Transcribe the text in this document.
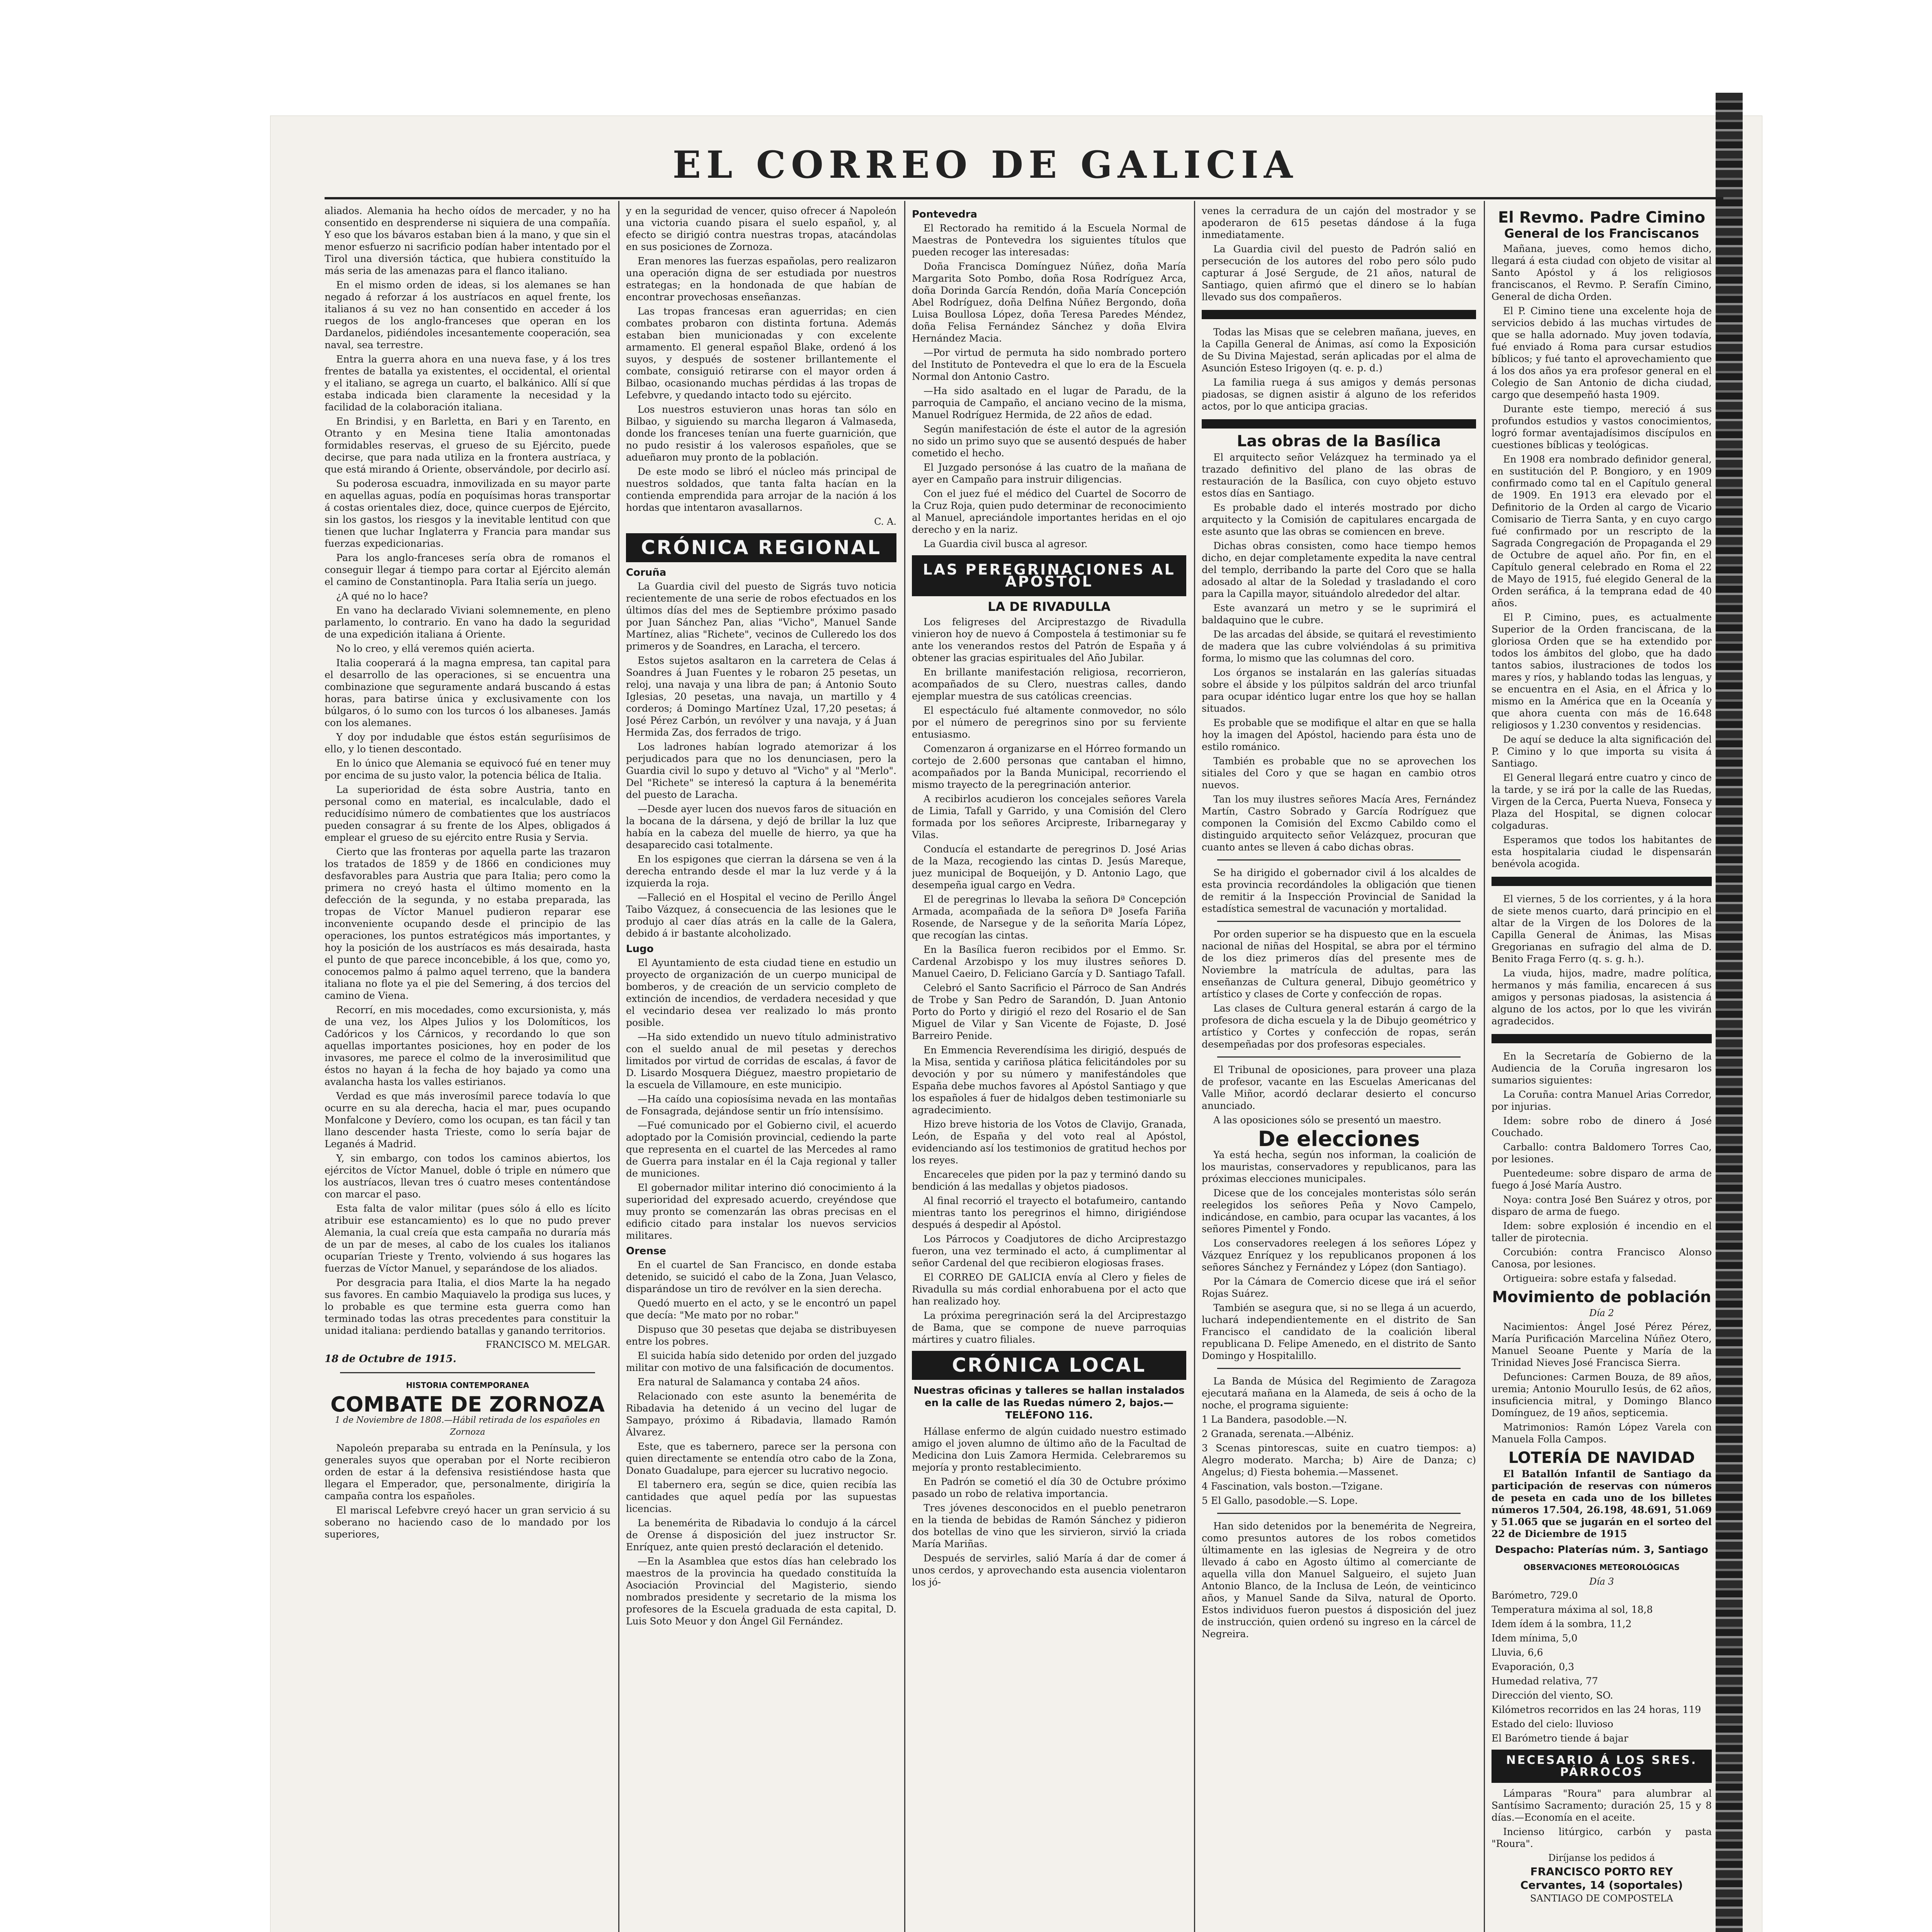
EL CORREO DE GALICIA

aliados. Alemania ha hecho oídos de mercader, y no ha consentido en desprenderse ni siquiera de una compañía. Y eso que los bávaros estaban bien á la mano, y que sin el menor esfuerzo ni sacrificio podían haber intentado por el Tirol una diversión táctica, que hubiera constituído la más seria de las amenazas para el flanco italiano.

En el mismo orden de ideas, si los alemanes se han negado á reforzar á los austríacos en aquel frente, los italianos á su vez no han consentido en acceder á los ruegos de los anglo-franceses que operan en los Dardanelos, pidiéndoles incesantemente cooperación, sea naval, sea terrestre.

Entra la guerra ahora en una nueva fase, y á los tres frentes de batalla ya existentes, el occidental, el oriental y el italiano, se agrega un cuarto, el balkánico. Allí sí que estaba indicada bien claramente la necesidad y la facilidad de la colaboración italiana.

En Brindisi, y en Barletta, en Bari y en Tarento, en Otranto y en Mesina tiene Italia amontonadas formidables reservas, el grueso de su Ejército, puede decirse, que para nada utiliza en la frontera austríaca, y que está mirando á Oriente, observándole, por decirlo así.

Su poderosa escuadra, inmovilizada en su mayor parte en aquellas aguas, podía en poquísimas horas transportar á costas orientales diez, doce, quince cuerpos de Ejército, sin los gastos, los riesgos y la inevitable lentitud con que tienen que luchar Inglaterra y Francia para mandar sus fuerzas expedicionarias.

Para los anglo-franceses sería obra de romanos el conseguir llegar á tiempo para cortar al Ejército alemán el camino de Constantinopla. Para Italia sería un juego.

¿A qué no lo hace?

En vano ha declarado Viviani solemnemente, en pleno parlamento, lo contrario. En vano ha dado la seguridad de una expedición italiana á Oriente.

No lo creo, y ellá veremos quién acierta.

Italia cooperará á la magna empresa, tan capital para el desarrollo de las operaciones, si se encuentra una combinazione que seguramente andará buscando á estas horas, para batirse única y exclusivamente con los búlgaros, ó lo sumo con los turcos ó los albaneses. Jamás con los alemanes.

Y doy por indudable que éstos están seguríisimos de ello, y lo tienen descontado.

En lo único que Alemania se equivocó fué en tener muy por encima de su justo valor, la potencia bélica de Italia.

La superioridad de ésta sobre Austria, tanto en personal como en material, es incalculable, dado el reducidísimo número de combatientes que los austríacos pueden consagrar á su frente de los Alpes, obligados á emplear el grueso de su ejército entre Rusia y Servia.

Cierto que las fronteras por aquella parte las trazaron los tratados de 1859 y de 1866 en condiciones muy desfavorables para Austria que para Italia; pero como la primera no creyó hasta el último momento en la defección de la segunda, y no estaba preparada, las tropas de Víctor Manuel pudieron reparar ese inconveniente ocupando desde el principio de las operaciones, los puntos estratégicos más importantes, y hoy la posición de los austríacos es más desairada, hasta el punto de que parece inconcebible, á los que, como yo, conocemos palmo á palmo aquel terreno, que la bandera italiana no flote ya el pie del Semering, á dos tercios del camino de Viena.

Recorrí, en mis mocedades, como excursionista, y, más de una vez, los Alpes Julios y los Dolomíticos, los Cadóricos y los Cárnicos, y recordando lo que son aquellas importantes posiciones, hoy en poder de los invasores, me parece el colmo de la inverosimilitud que éstos no hayan á la fecha de hoy bajado ya como una avalancha hasta los valles estirianos.

Verdad es que más inverosímil parece todavía lo que ocurre en su ala derecha, hacia el mar, pues ocupando Monfalcone y Devíero, como los ocupan, es tan fácil y tan llano descender hasta Trieste, como lo sería bajar de Leganés á Madrid.

Y, sin embargo, con todos los caminos abiertos, los ejércitos de Víctor Manuel, doble ó triple en número que los austríacos, llevan tres ó cuatro meses contentándose con marcar el paso.

Esta falta de valor militar (pues sólo á ello es lícito atribuir ese estancamiento) es lo que no pudo prever Alemania, la cual creía que esta campaña no duraría más de un par de meses, al cabo de los cuales los italianos ocuparían Trieste y Trento, volviendo á sus hogares las fuerzas de Víctor Manuel, y separándose de los aliados.

Por desgracia para Italia, el dios Marte la ha negado sus favores. En cambio Maquiavelo la prodiga sus luces, y lo probable es que termine esta guerra como han terminado todas las otras precedentes para constituir la unidad italiana: perdiendo batallas y ganando territorios.

FRANCISCO M. MELGAR.
18 de Octubre de 1915.
HISTORIA CONTEMPORANEA
COMBATE DE ZORNOZA
1 de Noviembre de 1808.—Hábil retirada de los españoles en Zornoza

Napoleón preparaba su entrada en la Península, y los generales suyos que operaban por el Norte recibieron orden de estar á la defensiva resistiéndose hasta que llegara el Emperador, que, personalmente, dirigiría la campaña contra los españoles.

El mariscal Lefebvre creyó hacer un gran servicio á su soberano no haciendo caso de lo mandado por los superiores,

y en la seguridad de vencer, quiso ofrecer á Napoleón una victoria cuando pisara el suelo español, y, al efecto se dirigió contra nuestras tropas, atacándolas en sus posiciones de Zornoza.

Eran menores las fuerzas españolas, pero realizaron una operación digna de ser estudiada por nuestros estrategas; en la hondonada de que habían de encontrar provechosas enseñanzas.

Las tropas francesas eran aguerridas; en cien combates probaron con distinta fortuna. Además estaban bien municionadas y con excelente armamento. El general español Blake, ordenó á los suyos, y después de sostener brillantemente el combate, consiguió retirarse con el mayor orden á Bilbao, ocasionando muchas pérdidas á las tropas de Lefebvre, y quedando intacto todo su ejército.

Los nuestros estuvieron unas horas tan sólo en Bilbao, y siguiendo su marcha llegaron á Valmaseda, donde los franceses tenían una fuerte guarnición, que no pudo resistir á los valerosos españoles, que se adueñaron muy pronto de la población.

De este modo se libró el núcleo más principal de nuestros soldados, que tanta falta hacían en la contienda emprendida para arrojar de la nación á los hordas que intentaron avasallarnos.

C. A.
CRÓNICA REGIONAL
Coruña

La Guardia civil del puesto de Sigrás tuvo noticia recientemente de una serie de robos efectuados en los últimos días del mes de Septiembre próximo pasado por Juan Sánchez Pan, alias "Vicho", Manuel Sande Martínez, alias "Richete", vecinos de Culleredo los dos primeros y de Soandres, en Laracha, el tercero.

Estos sujetos asaltaron en la carretera de Celas á Soandres á Juan Fuentes y le robaron 25 pesetas, un reloj, una navaja y una libra de pan; á Antonio Souto Iglesias, 20 pesetas, una navaja, un martillo y 4 corderos; á Domingo Martínez Uzal, 17,20 pesetas; á José Pérez Carbón, un revólver y una navaja, y á Juan Hermida Zas, dos ferrados de trigo.

Los ladrones habían logrado atemorizar á los perjudicados para que no los denunciasen, pero la Guardia civil lo supo y detuvo al "Vicho" y al "Merlo". Del "Richete" se interesó la captura á la benemérita del puesto de Laracha.

—Desde ayer lucen dos nuevos faros de situación en la bocana de la dársena, y dejó de brillar la luz que había en la cabeza del muelle de hierro, ya que ha desaparecido casi totalmente.

En los espigones que cierran la dársena se ven á la derecha entrando desde el mar la luz verde y á la izquierda la roja.

—Falleció en el Hospital el vecino de Perillo Ángel Taibo Vázquez, á consecuencia de las lesiones que le produjo al caer días atrás en la calle de la Galera, debido á ir bastante alcoholizado.

Lugo

El Ayuntamiento de esta ciudad tiene en estudio un proyecto de organización de un cuerpo municipal de bomberos, y de creación de un servicio completo de extinción de incendios, de verdadera necesidad y que el vecindario desea ver realizado lo más pronto posible.

—Ha sido extendido un nuevo título administrativo con el sueldo anual de mil pesetas y derechos limitados por virtud de corridas de escalas, á favor de D. Lisardo Mosquera Diéguez, maestro propietario de la escuela de Villamoure, en este municipio.

—Ha caído una copiosísima nevada en las montañas de Fonsagrada, dejándose sentir un frío intensísimo.

—Fué comunicado por el Gobierno civil, el acuerdo adoptado por la Comisión provincial, cediendo la parte que representa en el cuartel de las Mercedes al ramo de Guerra para instalar en él la Caja regional y taller de municiones.

El gobernador militar interino dió conocimiento á la superioridad del expresado acuerdo, creyéndose que muy pronto se comenzarán las obras precisas en el edificio citado para instalar los nuevos servicios militares.

Orense

En el cuartel de San Francisco, en donde estaba detenido, se suicidó el cabo de la Zona, Juan Velasco, disparándose un tiro de revólver en la sien derecha.

Quedó muerto en el acto, y se le encontró un papel que decía: "Me mato por no robar."

Dispuso que 30 pesetas que dejaba se distribuyesen entre los pobres.

El suicida había sido detenido por orden del juzgado militar con motivo de una falsificación de documentos.

Era natural de Salamanca y contaba 24 años.

Relacionado con este asunto la benemérita de Ribadavia ha detenido á un vecino del lugar de Sampayo, próximo á Ribadavia, llamado Ramón Álvarez.

Este, que es tabernero, parece ser la persona con quien directamente se entendía otro cabo de la Zona, Donato Guadalupe, para ejercer su lucrativo negocio.

El tabernero era, según se dice, quien recibía las cantidades que aquel pedía por las supuestas licencias.

La benemérita de Ribadavia lo condujo á la cárcel de Orense á disposición del juez instructor Sr. Enríquez, ante quien prestó declaración el detenido.

—En la Asamblea que estos días han celebrado los maestros de la provincia ha quedado constituída la Asociación Provincial del Magisterio, siendo nombrados presidente y secretario de la misma los profesores de la Escuela graduada de esta capital, D. Luis Soto Meuor y don Ángel Gil Fernández.

Pontevedra

El Rectorado ha remitido á la Escuela Normal de Maestras de Pontevedra los siguientes títulos que pueden recoger las interesadas:

Doña Francisca Domínguez Núñez, doña María Margarita Soto Pombo, doña Rosa Rodríguez Arca, doña Dorinda García Rendón, doña María Concepción Abel Rodríguez, doña Delfina Núñez Bergondo, doña Luisa Boullosa López, doña Teresa Paredes Méndez, doña Felisa Fernández Sánchez y doña Elvira Hernández Macia.

—Por virtud de permuta ha sido nombrado portero del Instituto de Pontevedra el que lo era de la Escuela Normal don Antonio Castro.

—Ha sido asaltado en el lugar de Paradu, de la parroquia de Campaño, el anciano vecino de la misma, Manuel Rodríguez Hermida, de 22 años de edad.

Según manifestación de éste el autor de la agresión no sido un primo suyo que se ausentó después de haber cometido el hecho.

El Juzgado personóse á las cuatro de la mañana de ayer en Campaño para instruir diligencias.

Con el juez fué el médico del Cuartel de Socorro de la Cruz Roja, quien pudo determinar de reconocimiento al Manuel, apreciándole importantes heridas en el ojo derecho y en la nariz.

La Guardia civil busca al agresor.

LAS PEREGRINACIONES AL APÓSTOL
LA DE RIVADULLA

Los feligreses del Arciprestazgo de Rivadulla vinieron hoy de nuevo á Compostela á testimoniar su fe ante los venerandos restos del Patrón de España y á obtener las gracias espirituales del Año Jubilar.

En brillante manifestación religiosa, recorrieron, acompañados de su Clero, nuestras calles, dando ejemplar muestra de sus católicas creencias.

El espectáculo fué altamente conmovedor, no sólo por el número de peregrinos sino por su ferviente entusiasmo.

Comenzaron á organizarse en el Hórreo formando un cortejo de 2.600 personas que cantaban el himno, acompañados por la Banda Municipal, recorriendo el mismo trayecto de la peregrinación anterior.

A recibirlos acudieron los concejales señores Varela de Limia, Tafall y Garrido, y una Comisión del Clero formada por los señores Arcipreste, Iribarnegaray y Vilas.

Conducía el estandarte de peregrinos D. José Arias de la Maza, recogiendo las cintas D. Jesús Mareque, juez municipal de Boqueijón, y D. Antonio Lago, que desempeña igual cargo en Vedra.

El de peregrinas lo llevaba la señora Dª Concepción Armada, acompañada de la señora Dª Josefa Fariña Rosende, de Narsegue y de la señorita María López, que recogían las cintas.

En la Basílica fueron recibidos por el Emmo. Sr. Cardenal Arzobispo y los muy ilustres señores D. Manuel Caeiro, D. Feliciano García y D. Santiago Tafall.

Celebró el Santo Sacrificio el Párroco de San Andrés de Trobe y San Pedro de Sarandón, D. Juan Antonio Porto do Porto y dirigió el rezo del Rosario el de San Miguel de Vilar y San Vicente de Fojaste, D. José Barreiro Penide.

En Emmencia Reverendísima les dirigió, después de la Misa, sentida y cariñosa plática felicitándoles por su devoción y por su número y manifestándoles que España debe muchos favores al Apóstol Santiago y que los españoles á fuer de hidalgos deben testimoniarle su agradecimiento.

Hizo breve historia de los Votos de Clavijo, Granada, León, de España y del voto real al Apóstol, evidenciando así los testimonios de gratitud hechos por los reyes.

Encareceles que piden por la paz y terminó dando su bendición á las medallas y objetos piadosos.

Al final recorrió el trayecto el botafumeiro, cantando mientras tanto los peregrinos el himno, dirigiéndose después á despedir al Apóstol.

Los Párrocos y Coadjutores de dicho Arciprestazgo fueron, una vez terminado el acto, á cumplimentar al señor Cardenal del que recibieron elogiosas frases.

El CORREO DE GALICIA envía al Clero y fieles de Rivadulla su más cordial enhorabuena por el acto que han realizado hoy.

La próxima peregrinación será la del Arciprestazgo de Bama, que se compone de nueve parroquias mártires y cuatro filiales.

CRÓNICA LOCAL
Nuestras oficinas y talleres se hallan instalados en la calle de las Ruedas número 2, bajos.—TELÉFONO 116.

Hállase enfermo de algún cuidado nuestro estimado amigo el joven alumno de último año de la Facultad de Medicina don Luis Zamora Hermida. Celebraremos su mejoría y pronto restablecimiento.

En Padrón se cometió el día 30 de Octubre próximo pasado un robo de relativa importancia.

Tres jóvenes desconocidos en el pueblo penetraron en la tienda de bebidas de Ramón Sánchez y pidieron dos botellas de vino que les sirvieron, sirvió la criada María Mariñas.

Después de servirles, salió María á dar de comer á unos cerdos, y aprovechando esta ausencia violentaron los jó-

venes la cerradura de un cajón del mostrador y se apoderaron de 615 pesetas dándose á la fuga inmediatamente.

La Guardia civil del puesto de Padrón salió en persecución de los autores del robo pero sólo pudo capturar á José Sergude, de 21 años, natural de Santiago, quien afirmó que el dinero se lo habían llevado sus dos compañeros.

Todas las Misas que se celebren mañana, jueves, en la Capilla General de Ánimas, así como la Exposición de Su Divina Majestad, serán aplicadas por el alma de Asunción Esteso Irigoyen (q. e. p. d.)

La familia ruega á sus amigos y demás personas piadosas, se dignen asistir á alguno de los referidos actos, por lo que anticipa gracias.

Las obras de la Basílica

El arquitecto señor Velázquez ha terminado ya el trazado definitivo del plano de las obras de restauración de la Basílica, con cuyo objeto estuvo estos días en Santiago.

Es probable dado el interés mostrado por dicho arquitecto y la Comisión de capitulares encargada de este asunto que las obras se comiencen en breve.

Dichas obras consisten, como hace tiempo hemos dicho, en dejar completamente expedita la nave central del templo, derribando la parte del Coro que se halla adosado al altar de la Soledad y trasladando el coro para la Capilla mayor, situándolo alrededor del altar.

Este avanzará un metro y se le suprimirá el baldaquino que le cubre.

De las arcadas del ábside, se quitará el revestimiento de madera que las cubre volviéndolas á su primitiva forma, lo mismo que las columnas del coro.

Los órganos se instalarán en las galerías situadas sobre el ábside y los púlpitos saldrán del arco triunfal para ocupar idéntico lugar entre los que hoy se hallan situados.

Es probable que se modifique el altar en que se halla hoy la imagen del Apóstol, haciendo para ésta uno de estilo románico.

También es probable que no se aprovechen los sitiales del Coro y que se hagan en cambio otros nuevos.

Tan los muy ilustres señores Macía Ares, Fernández Martín, Castro Sobrado y García Rodríguez que componen la Comisión del Excmo Cabildo como el distinguido arquitecto señor Velázquez, procuran que cuanto antes se lleven á cabo dichas obras.

Se ha dirigido el gobernador civil á los alcaldes de esta provincia recordándoles la obligación que tienen de remitir á la Inspección Provincial de Sanidad la estadística semestral de vacunación y mortalidad.

Por orden superior se ha dispuesto que en la escuela nacional de niñas del Hospital, se abra por el término de los diez primeros días del presente mes de Noviembre la matrícula de adultas, para las enseñanzas de Cultura general, Dibujo geométrico y artístico y clases de Corte y confección de ropas.

Las clases de Cultura general estarán á cargo de la profesora de dicha escuela y la de Dibujo geométrico y artístico y Cortes y confección de ropas, serán desempeñadas por dos profesoras especiales.

El Tribunal de oposiciones, para proveer una plaza de profesor, vacante en las Escuelas Americanas del Valle Miñor, acordó declarar desierto el concurso anunciado.

A las oposiciones sólo se presentó un maestro.

De elecciones

Ya está hecha, según nos informan, la coalición de los mauristas, conservadores y republicanos, para las próximas elecciones municipales.

Dicese que de los concejales monteristas sólo serán reelegidos los señores Peña y Novo Campelo, indicándose, en cambio, para ocupar las vacantes, á los señores Pimentel y Fondo.

Los conservadores reelegen á los señores López y Vázquez Enríquez y los republicanos proponen á los señores Sánchez y Fernández y López (don Santiago).

Por la Cámara de Comercio dicese que irá el señor Rojas Suárez.

También se asegura que, si no se llega á un acuerdo, luchará independientemente en el distrito de San Francisco el candidato de la coalición liberal republicana D. Felipe Amenedo, en el distrito de Santo Domingo y Hospitalillo.

La Banda de Música del Regimiento de Zaragoza ejecutará mañana en la Alameda, de seis á ocho de la noche, el programa siguiente:

1 La Bandera, pasodoble.—N.

2 Granada, serenata.—Albéniz.

3 Scenas pintorescas, suite en cuatro tiempos: a) Alegro moderato. Marcha; b) Aire de Danza; c) Angelus; d) Fiesta bohemia.—Massenet.

4 Fascination, vals boston.—Tzigane.

5 El Gallo, pasodoble.—S. Lope.

Han sido detenidos por la benemérita de Negreira, como presuntos autores de los robos cometidos últimamente en las iglesias de Negreira y de otro llevado á cabo en Agosto último al comerciante de aquella villa don Manuel Salgueiro, el sujeto Juan Antonio Blanco, de la Inclusa de León, de veinticinco años, y Manuel Sande da Silva, natural de Oporto. Estos individuos fueron puestos á disposición del juez de instrucción, quien ordenó su ingreso en la cárcel de Negreira.

El Revmo. Padre Cimino
General de los Franciscanos

Mañana, jueves, como hemos dicho, llegará á esta ciudad con objeto de visitar al Santo Apóstol y á los religiosos franciscanos, el Revmo. P. Serafín Cimino, General de dicha Orden.

El P. Cimino tiene una excelente hoja de servicios debido á las muchas virtudes de que se halla adornado. Muy joven todavía, fué enviado á Roma para cursar estudios bíblicos; y fué tanto el aprovechamiento que á los dos años ya era profesor general en el Colegio de San Antonio de dicha ciudad, cargo que desempeñó hasta 1909.

Durante este tiempo, mereció á sus profundos estudios y vastos conocimientos, logró formar aventajadísimos discípulos en cuestiones bíblicas y teológicas.

En 1908 era nombrado definidor general, en sustitución del P. Bongioro, y en 1909 confirmado como tal en el Capítulo general de 1909. En 1913 era elevado por el Definitorio de la Orden al cargo de Vicario Comisario de Tierra Santa, y en cuyo cargo fué confirmado por un rescripto de la Sagrada Congregación de Propaganda el 29 de Octubre de aquel año. Por fin, en el Capítulo general celebrado en Roma el 22 de Mayo de 1915, fué elegido General de la Orden seráfica, á la temprana edad de 40 años.

El P. Cimino, pues, es actualmente Superior de la Orden franciscana, de la gloriosa Orden que se ha extendido por todos los ámbitos del globo, que ha dado tantos sabios, ilustraciones de todos los mares y ríos, y hablando todas las lenguas, y se encuentra en el Asia, en el África y lo mismo en la América que en la Oceanía y que ahora cuenta con más de 16.648 religiosos y 1.230 conventos y residencias.

De aquí se deduce la alta significación del P. Cimino y lo que importa su visita á Santiago.

El General llegará entre cuatro y cinco de la tarde, y se irá por la calle de las Ruedas, Virgen de la Cerca, Puerta Nueva, Fonseca y Plaza del Hospital, se dignen colocar colgaduras.

Esperamos que todos los habitantes de esta hospitalaria ciudad le dispensarán benévola acogida.

El viernes, 5 de los corrientes, y á la hora de siete menos cuarto, dará principio en el altar de la Virgen de los Dolores de la Capilla General de Ánimas, las Misas Gregorianas en sufragio del alma de D. Benito Fraga Ferro (q. s. g. h.).

La viuda, hijos, madre, madre política, hermanos y más familia, encarecen á sus amigos y personas piadosas, la asistencia á alguno de los actos, por lo que les vivirán agradecidos.

En la Secretaría de Gobierno de la Audiencia de la Coruña ingresaron los sumarios siguientes:

La Coruña: contra Manuel Arias Corredor, por injurias.

Idem: sobre robo de dinero á José Couchado.

Carballo: contra Baldomero Torres Cao, por lesiones.

Puentedeume: sobre disparo de arma de fuego á José María Austro.

Noya: contra José Ben Suárez y otros, por disparo de arma de fuego.

Idem: sobre explosión é incendio en el taller de pirotecnia.

Corcubión: contra Francisco Alonso Canosa, por lesiones.

Ortigueira: sobre estafa y falsedad.

Movimiento de población
Día 2

Nacimientos: Ángel José Pérez Pérez, María Purificación Marcelina Núñez Otero, Manuel Seoane Puente y María de la Trinidad Nieves José Francisca Sierra.

Defunciones: Carmen Bouza, de 89 años, uremia; Antonio Mourullo Iesús, de 62 años, insuficiencia mitral, y Domingo Blanco Domínguez, de 19 años, septicemia.

Matrimonios: Ramón López Varela con Manuela Folla Campos.

LOTERÍA DE NAVIDAD

El Batallón Infantil de Santiago da participación de reservas con números de peseta en cada uno de los billetes números 17.504, 26.198, 48.691, 51.069 y 51.065 que se jugarán en el sorteo del 22 de Diciembre de 1915

Despacho: Platerías núm. 3, Santiago
OBSERVACIONES METEOROLÓGICAS
Día 3

Barómetro, 729.0

Temperatura máxima al sol, 18,8

Idem ídem á la sombra, 11,2

Idem mínima, 5,0

Lluvia, 6,6

Evaporación, 0,3

Humedad relativa, 77

Dirección del viento, SO.

Kilómetros recorridos en las 24 horas, 119

Estado del cielo: lluvioso

El Barómetro tiende á bajar

NECESARIO Á LOS SRES. PÁRROCOS

Lámparas "Roura" para alumbrar al Santísimo Sacramento; duración 25, 15 y 8 días.—Economía en el aceite.

Incienso litúrgico, carbón y pasta "Roura".

Diríjanse los pedidos á
FRANCISCO PORTO REY
Cervantes, 14 (soportales)
SANTIAGO DE COMPOSTELA
